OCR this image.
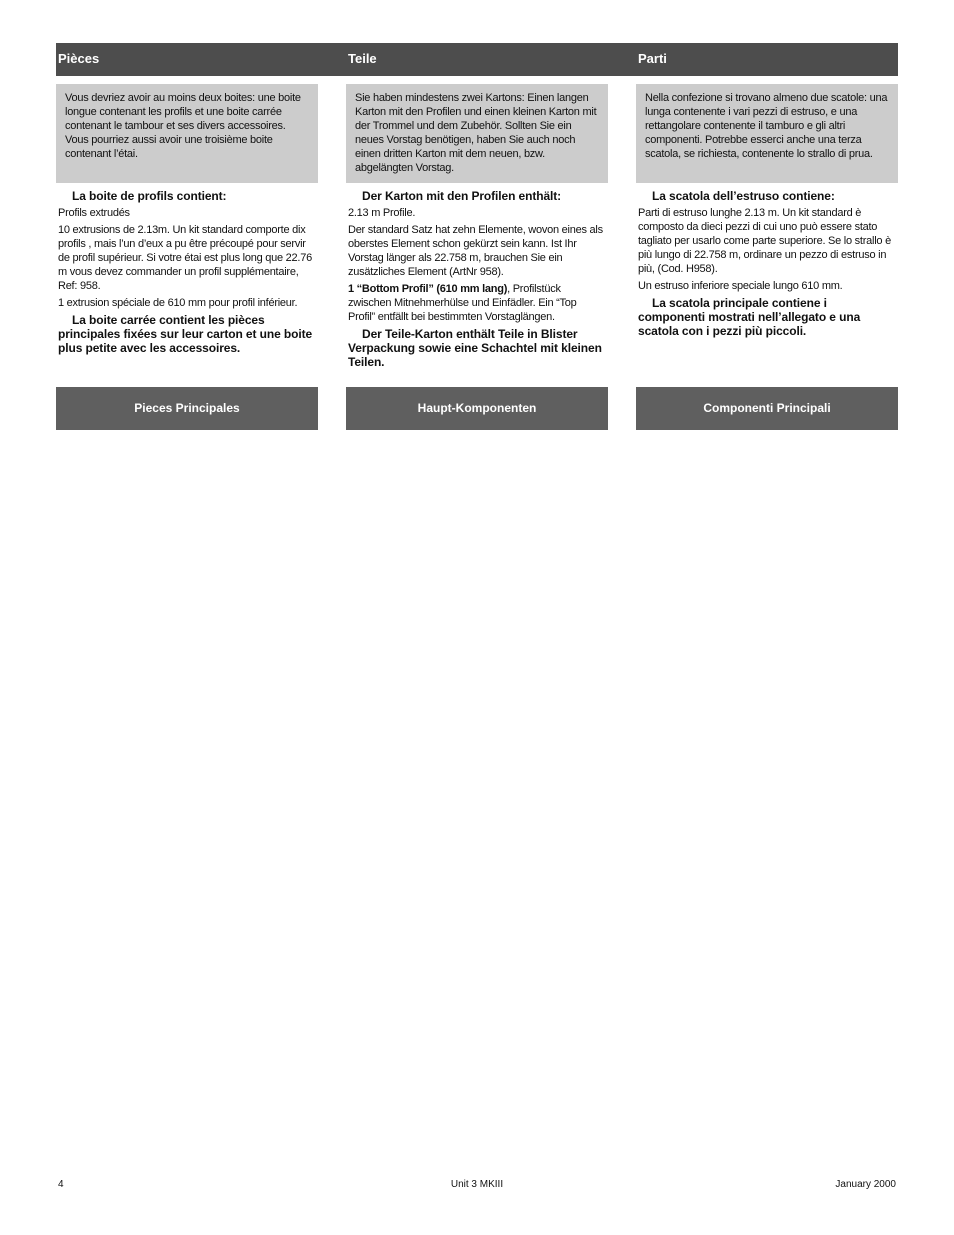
Pièces	Teile	Parti
Vous devriez avoir au moins deux boites: une boite longue contenant les profils et une boite carrée contenant le tambour et ses divers accessoires. Vous pourriez aussi avoir une troisième boite contenant l’étai.
La boite de profils contient:

Profils extrudés

10 extrusions de 2.13m. Un kit standard comporte dix profils , mais l’un d’eux a pu être précoupé pour servir de profil supérieur. Si votre étai est plus long que 22.76 m vous devez commander un profil supplémentaire, Ref: 958.

1 extrusion spéciale de 610 mm pour profil inférieur.

La boite carrée contient les pièces principales fixées sur leur carton et une boite plus petite avec les accessoires.

Sie haben mindestens zwei Kartons: Einen langen Karton mit den Profilen und einen kleinen Karton mit der Trommel und dem Zubehör. Sollten Sie ein neues Vorstag benötigen, haben Sie auch noch einen dritten Karton mit dem neuen, bzw. abgelängten Vorstag.
Der Karton mit den Profilen enthält:

2.13 m Profile.

Der standard Satz hat zehn Elemente, wovon eines als oberstes Element schon gekürzt sein kann. Ist Ihr Vorstag länger als 22.758 m, brauchen Sie ein zusätzliches Element (ArtNr 958).

1 “Bottom Profil” (610 mm lang), Profilstück zwischen Mitnehmerhülse und Einfädler. Ein “Top Profil” entfällt bei bestimmten Vorstaglängen.

Der Teile-Karton enthält Teile in Blister Verpackung sowie eine Schachtel mit kleinen Teilen.

Nella confezione si trovano almeno due scatole: una lunga contenente i vari pezzi di estruso, e una rettangolare contenente il tamburo e gli altri componenti. Potrebbe esserci anche una terza scatola, se richiesta, contenente lo strallo di prua.
La scatola dell’estruso contiene:

Parti di estruso lunghe 2.13 m. Un kit standard è composto da dieci pezzi di cui uno può essere stato tagliato per usarlo come parte superiore. Se lo strallo è più lungo di 22.758 m, ordinare un pezzo di estruso in più, (Cod. H958).

Un estruso inferiore speciale lungo 610 mm.

La scatola principale contiene i componenti mostrati nell’allegato e una scatola con i pezzi più piccoli.

Pieces Principales	Haupt-Komponenten	Componenti Principali
4	Unit 3 MKIII	January 2000
